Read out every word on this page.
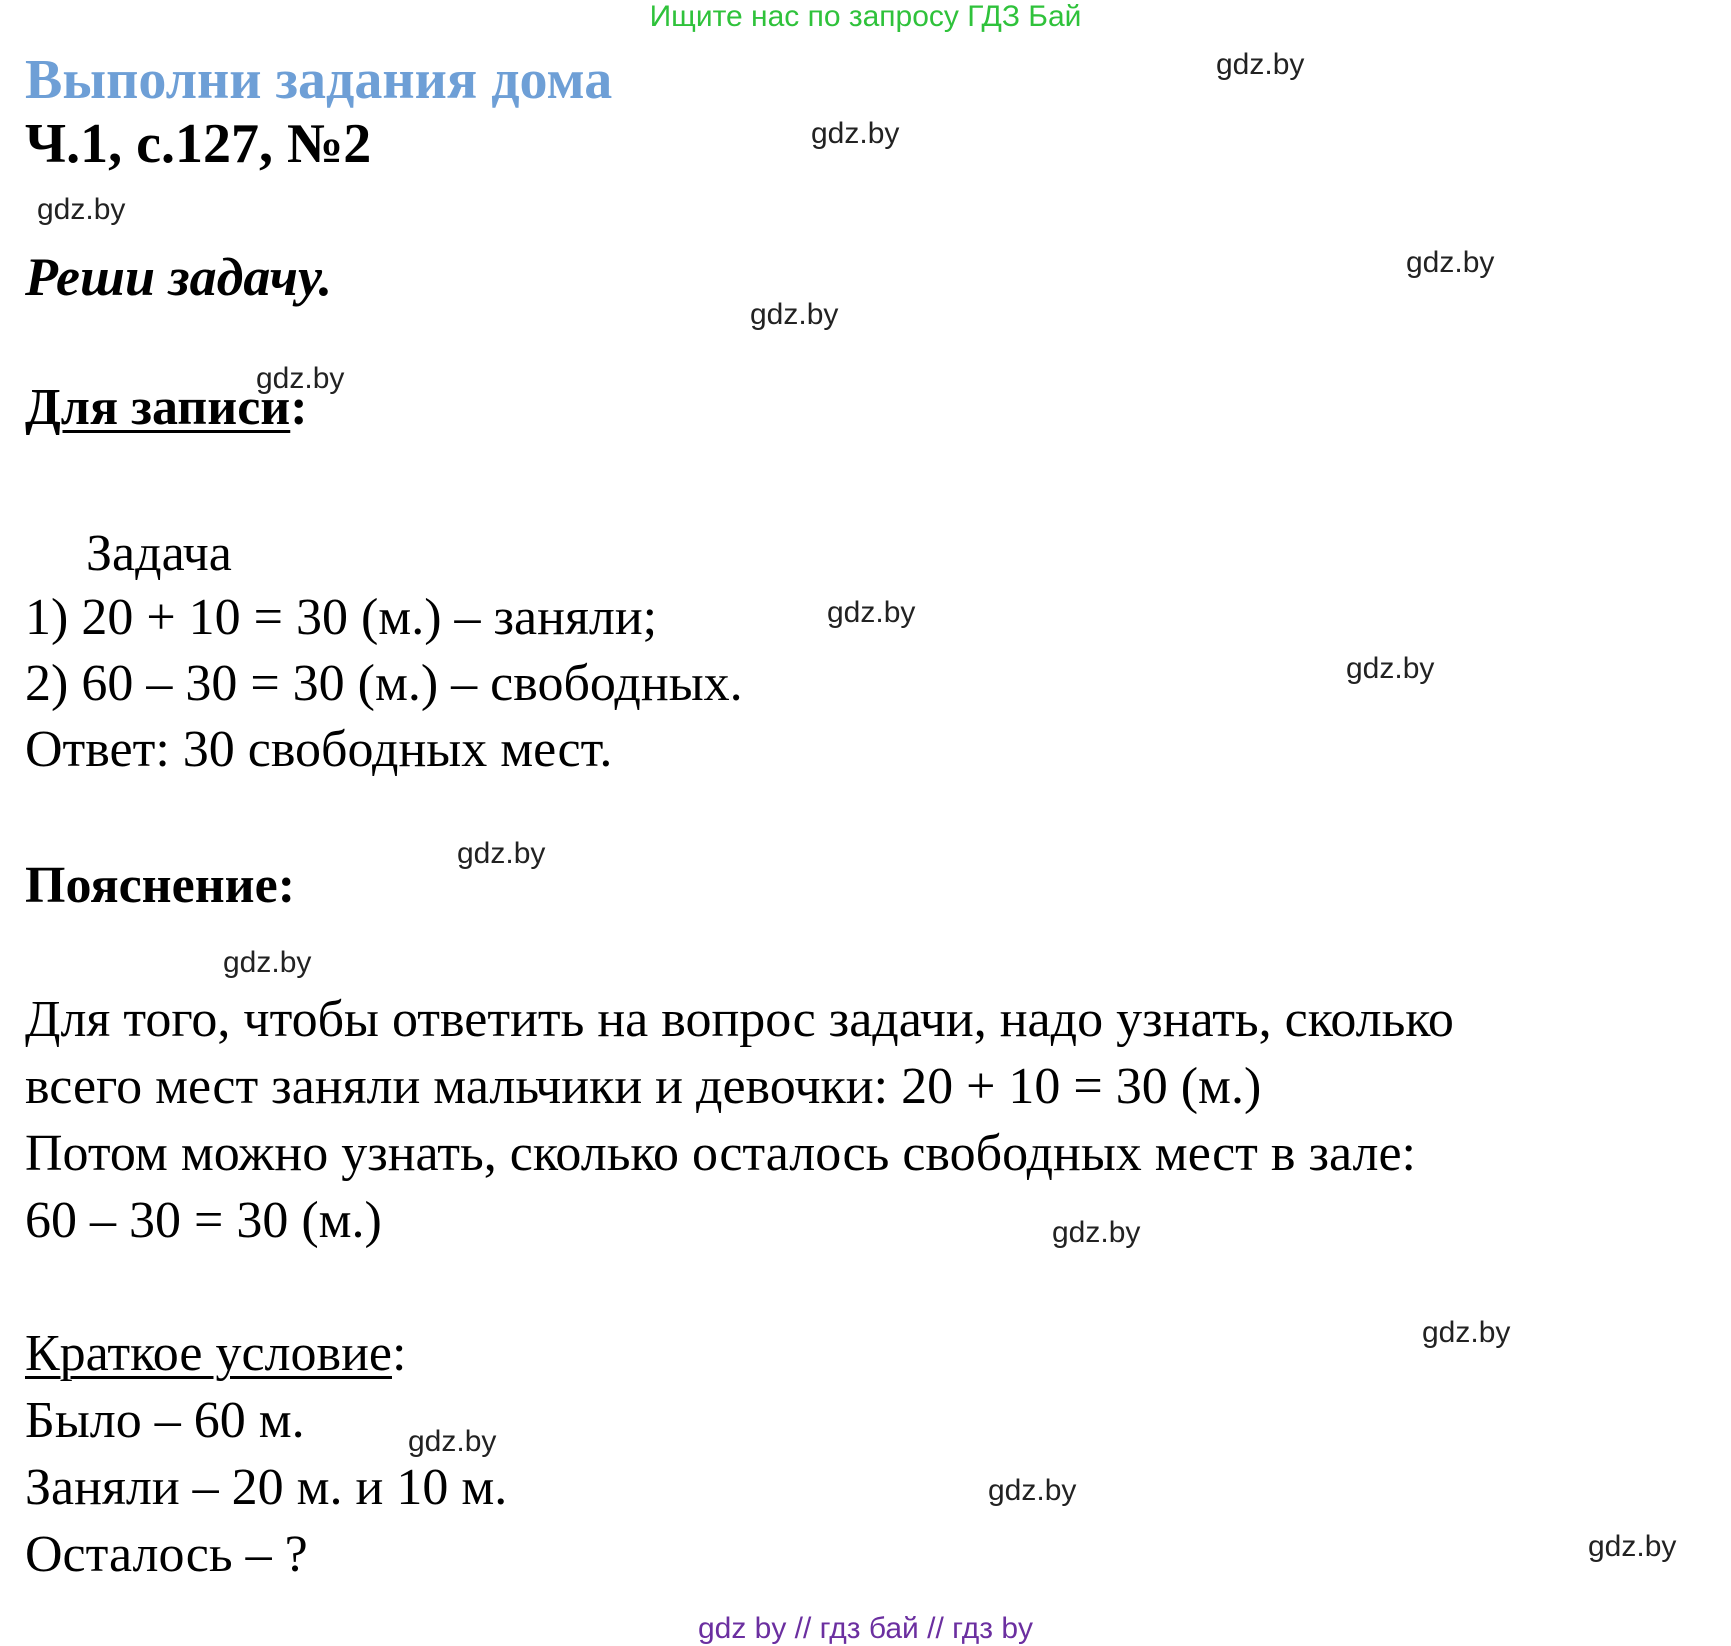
Ищите нас по запросу ГДЗ Бай
Выполни задания дома
Ч.1, с.127, №2
Реши задачу.
Для записи:
Задача
1) 20 + 10 = 30 (м.) – заняли;
2) 60 – 30 = 30 (м.) – свободных.
Ответ: 30 свободных мест.
Пояснение:
Для того, чтобы ответить на вопрос задачи, надо узнать, сколько
всего мест заняли мальчики и девочки: 20 + 10 = 30 (м.)
Потом можно узнать, сколько осталось свободных мест в зале:
60 – 30 = 30 (м.)
Краткое условие:
Было – 60 м.
Заняли – 20 м. и 10 м.
Осталось – ?
gdz.by
gdz.by
gdz.by
gdz.by
gdz.by
gdz.by
gdz.by
gdz.by
gdz.by
gdz.by
gdz.by
gdz.by
gdz.by
gdz.by
gdz.by
gdz by // гдз бай // гдз by
